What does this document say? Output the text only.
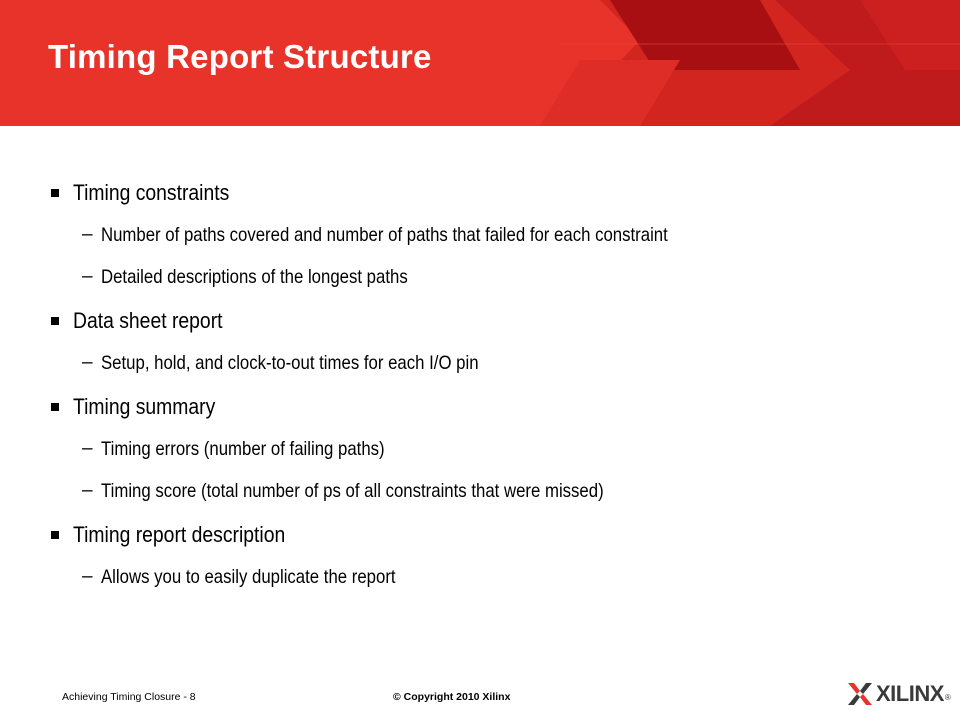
Timing Report Structure
Timing constraints
– Number of paths covered and number of paths that failed for each constraint
– Detailed descriptions of the longest paths
Data sheet report
– Setup, hold, and clock-to-out times for each I/O pin
Timing summary
– Timing errors (number of failing paths)
– Timing score (total number of ps of all constraints that were missed)
Timing report description
– Allows you to easily duplicate the report
Achieving Timing Closure - 8	© Copyright 2010 Xilinx	XILINX ®
